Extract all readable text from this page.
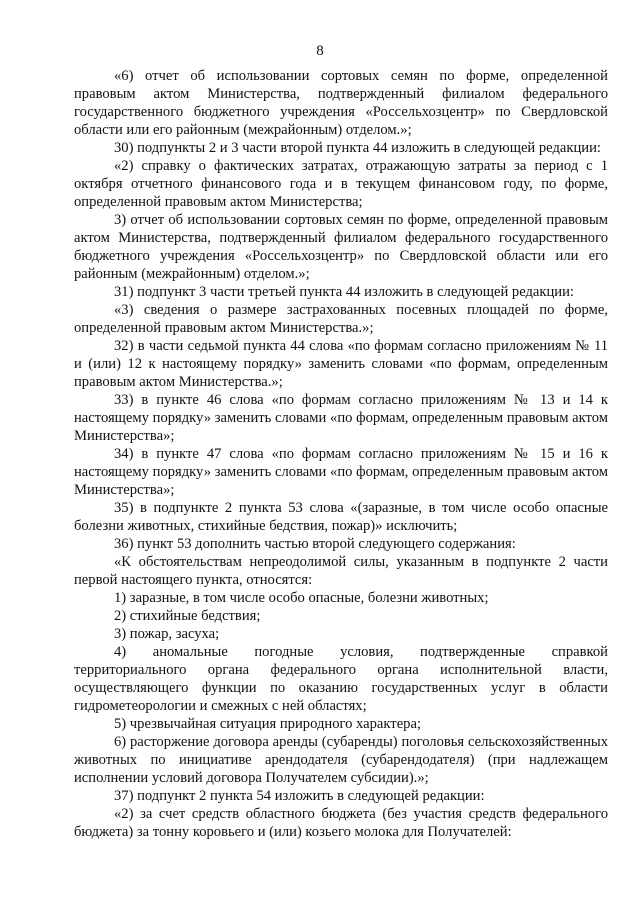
8

«6) отчет об использовании сортовых семян по форме, определенной правовым актом Министерства, подтвержденный филиалом федерального государственного бюджетного учреждения «Россельхозцентр» по Свердловской области или его районным (межрайонным) отделом.»;

30) подпункты 2 и 3 части второй пункта 44 изложить в следующей редакции:

«2) справку о фактических затратах, отражающую затраты за период с 1 октября отчетного финансового года и в текущем финансовом году, по форме, определенной правовым актом Министерства;

3) отчет об использовании сортовых семян по форме, определенной правовым актом Министерства, подтвержденный филиалом федерального государственного бюджетного учреждения «Россельхозцентр» по Свердловской области или его районным (межрайонным) отделом.»;

31) подпункт 3 части третьей пункта 44 изложить в следующей редакции:

«3) сведения о размере застрахованных посевных площадей по форме, определенной правовым актом Министерства.»;

32) в части седьмой пункта 44 слова «по формам согласно приложениям № 11 и (или) 12 к настоящему порядку» заменить словами «по формам, определенным правовым актом Министерства.»;

33) в пункте 46 слова «по формам согласно приложениям № 13 и 14 к настоящему порядку» заменить словами «по формам, определенным правовым актом Министерства»;

34) в пункте 47 слова «по формам согласно приложениям № 15 и 16 к настоящему порядку» заменить словами «по формам, определенным правовым актом Министерства»;

35) в подпункте 2 пункта 53 слова «(заразные, в том числе особо опасные болезни животных, стихийные бедствия, пожар)» исключить;

36) пункт 53 дополнить частью второй следующего содержания:

«К обстоятельствам непреодолимой силы, указанным в подпункте 2 части первой настоящего пункта, относятся:

1) заразные, в том числе особо опасные, болезни животных;

2) стихийные бедствия;

3) пожар, засуха;

4) аномальные погодные условия, подтвержденные справкой территориального органа федерального органа исполнительной власти, осуществляющего функции по оказанию государственных услуг в области гидрометеорологии и смежных с ней областях;

5) чрезвычайная ситуация природного характера;

6) расторжение договора аренды (субаренды) поголовья сельскохозяйственных животных по инициативе арендодателя (субарендодателя) (при надлежащем исполнении условий договора Получателем субсидии).»;

37) подпункт 2 пункта 54 изложить в следующей редакции:

«2) за счет средств областного бюджета (без участия средств федерального бюджета) за тонну коровьего и (или) козьего молока для Получателей:
